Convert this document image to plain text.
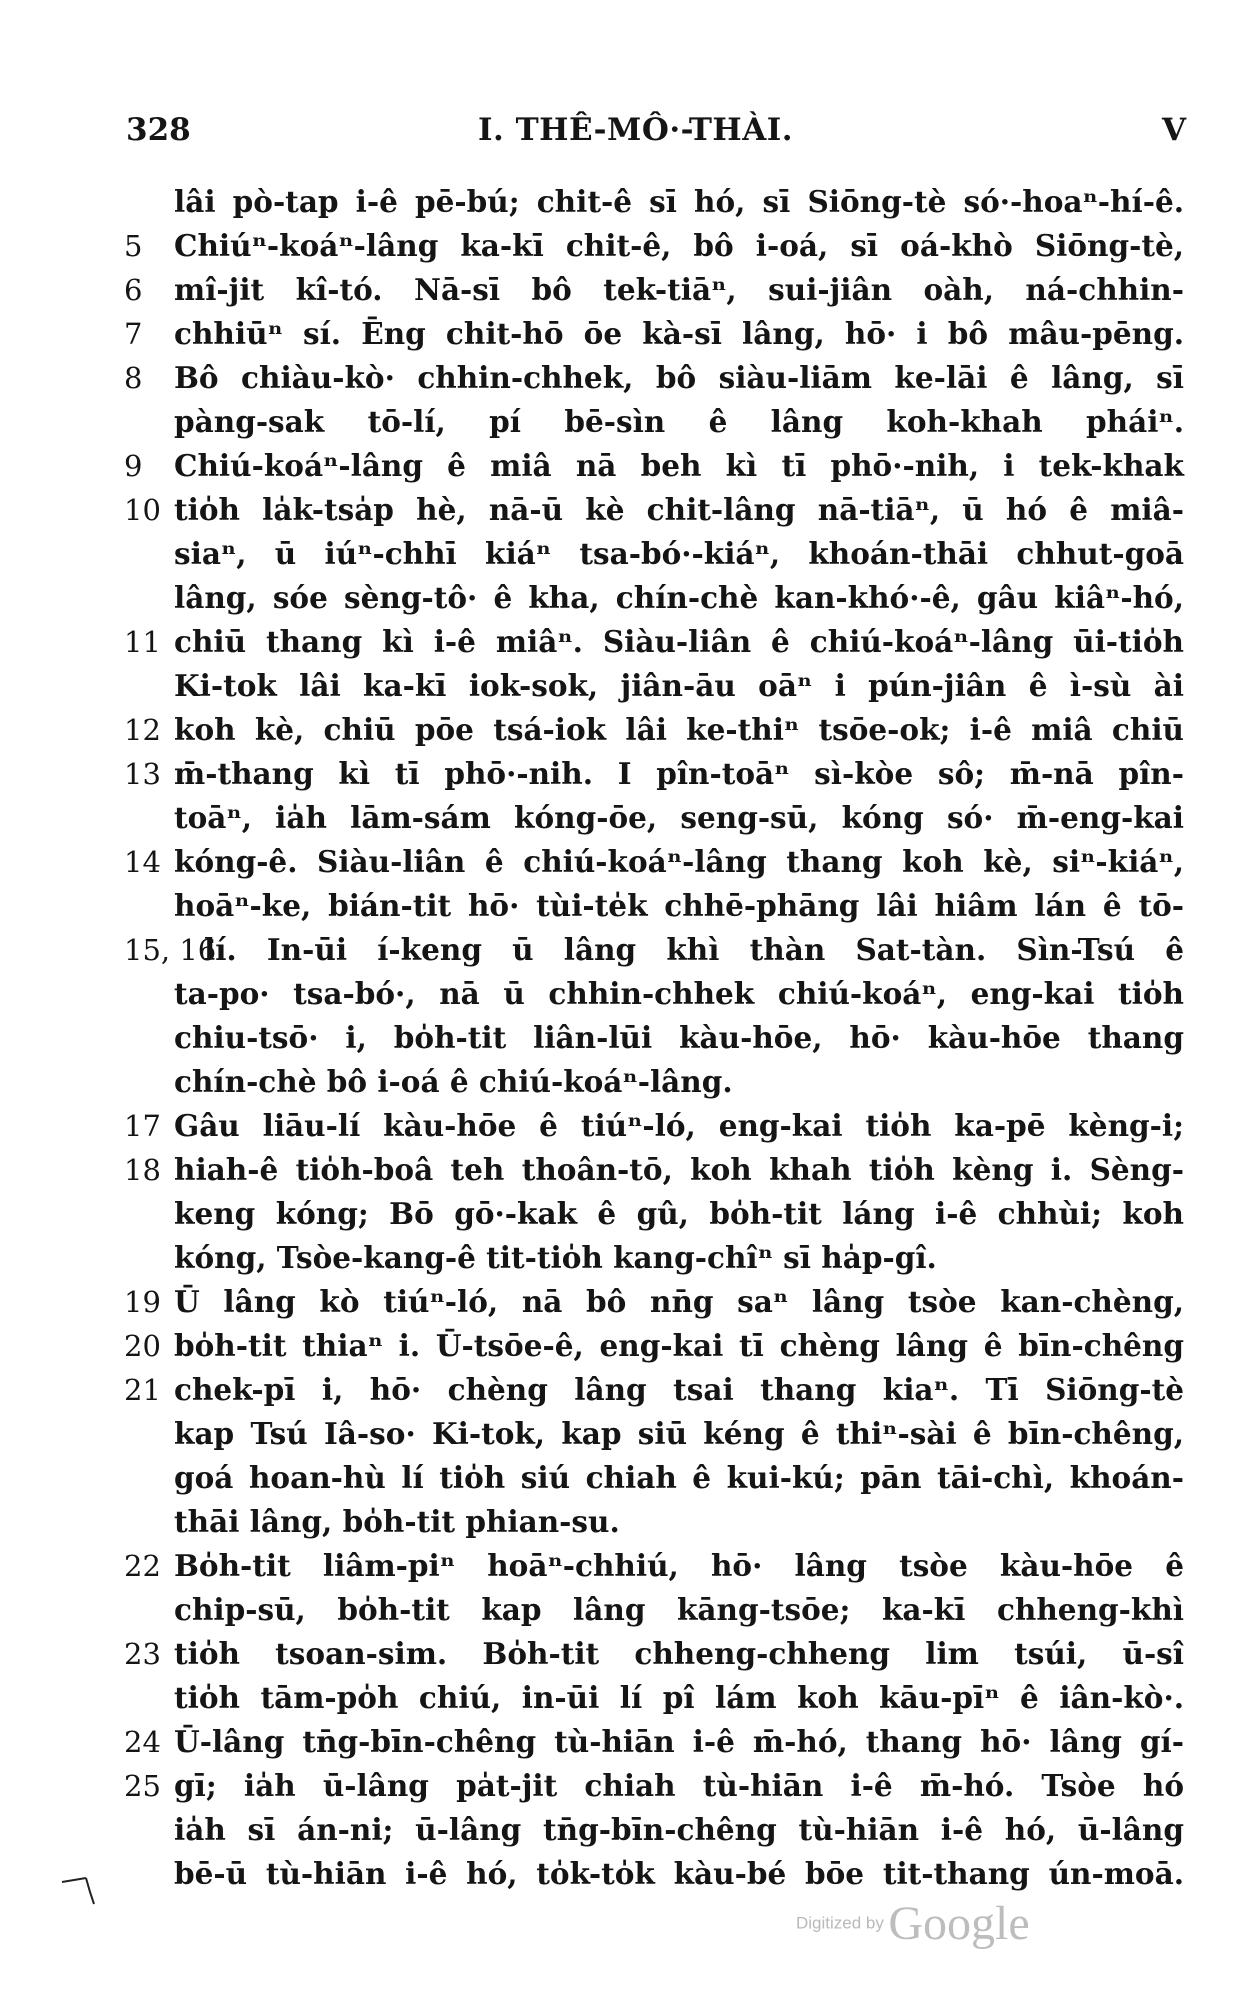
328	I. THÊ-MÔ·-THÀI.	V
lâi pò-tap i-ê pē-bú; chit-ê sī hó, sī Siōng-tè só·-hoaⁿ-hí-ê.
5 Chiúⁿ-koáⁿ-lâng ka-kī chit-ê, bô i-oá, sī oá-khò Siōng-tè,
6 mî-jit kî-tó. Nā-sī bô tek-tiāⁿ, sui-jiân oàh, ná-chhin-
7 chhiūⁿ sí. Ēng chit-hō ōe kà-sī lâng, hō· i bô mâu-pēng.
8 Bô chiàu-kò· chhin-chhek, bô siàu-liām ke-lāi ê lâng, sī
pàng-sak tō-lí, pí bē-sìn ê lâng koh-khah pháiⁿ.
9 Chiú-koáⁿ-lâng ê miâ nā beh kì tī phō·-nih, i tek-khak
10 tio̍h la̍k-tsa̍p hè, nā-ū kè chit-lâng nā-tiāⁿ, ū hó ê miâ-
siaⁿ, ū iúⁿ-chhī kiáⁿ tsa-bó·-kiáⁿ, khoán-thāi chhut-goā
lâng, sóe sèng-tô· ê kha, chín-chè kan-khó·-ê, gâu kiâⁿ-hó,
11 chiū thang kì i-ê miâⁿ. Siàu-liân ê chiú-koáⁿ-lâng ūi-tio̍h
Ki-tok lâi ka-kī iok-sok, jiân-āu oāⁿ i pún-jiân ê ì-sù ài
12 koh kè, chiū pōe tsá-iok lâi ke-thiⁿ tsōe-ok; i-ê miâ chiū
13 m̄-thang kì tī phō·-nih. I pîn-toāⁿ sì-kòe sô; m̄-nā pîn-
toāⁿ, ia̍h lām-sám kóng-ōe, seng-sū, kóng só· m̄-eng-kai
14 kóng-ê. Siàu-liân ê chiú-koáⁿ-lâng thang koh kè, siⁿ-kiáⁿ,
hoāⁿ-ke, bián-tit hō· tùi-te̍k chhē-phāng lâi hiâm lán ê tō-
15, 16
lí. In-ūi í-keng ū lâng khì thàn Sat-tàn. Sìn-Tsú ê
ta-po· tsa-bó·, nā ū chhin-chhek chiú-koáⁿ, eng-kai tio̍h
chiu-tsō· i, bo̍h-tit liân-lūi kàu-hōe, hō· kàu-hōe thang
chín-chè bô i-oá ê chiú-koáⁿ-lâng.
17 Gâu liāu-lí kàu-hōe ê tiúⁿ-ló, eng-kai tio̍h ka-pē kèng-i;
18 hiah-ê tio̍h-boâ teh thoân-tō, koh khah tio̍h kèng i. Sèng-
keng kóng; Bō gō·-kak ê gû, bo̍h-tit láng i-ê chhùi; koh
kóng, Tsòe-kang-ê tit-tio̍h kang-chîⁿ sī ha̍p-gî.
19 Ū lâng kò tiúⁿ-ló, nā bô nn̄g saⁿ lâng tsòe kan-chèng,
20 bo̍h-tit thiaⁿ i. Ū-tsōe-ê, eng-kai tī chèng lâng ê bīn-chêng
21 chek-pī i, hō· chèng lâng tsai thang kiaⁿ. Tī Siōng-tè
kap Tsú Iâ-so· Ki-tok, kap siū kéng ê thiⁿ-sài ê bīn-chêng,
goá hoan-hù lí tio̍h siú chiah ê kui-kú; pān tāi-chì, khoán-
thāi lâng, bo̍h-tit phian-su.
22 Bo̍h-tit liâm-piⁿ hoāⁿ-chhiú, hō· lâng tsòe kàu-hōe ê
chip-sū, bo̍h-tit kap lâng kāng-tsōe; ka-kī chheng-khì
23 tio̍h tsoan-sim. Bo̍h-tit chheng-chheng lim tsúi, ū-sî
tio̍h tām-po̍h chiú, in-ūi lí pî lám koh kāu-pīⁿ ê iân-kò·.
24 Ū-lâng tn̄g-bīn-chêng tù-hiān i-ê m̄-hó, thang hō· lâng gí-
25 gī; ia̍h ū-lâng pa̍t-jit chiah tù-hiān i-ê m̄-hó. Tsòe hó
ia̍h sī án-ni; ū-lâng tn̄g-bīn-chêng tù-hiān i-ê hó, ū-lâng
bē-ū tù-hiān i-ê hó, to̍k-to̍k kàu-bé bōe tit-thang ún-moā.
Digitized by Google
